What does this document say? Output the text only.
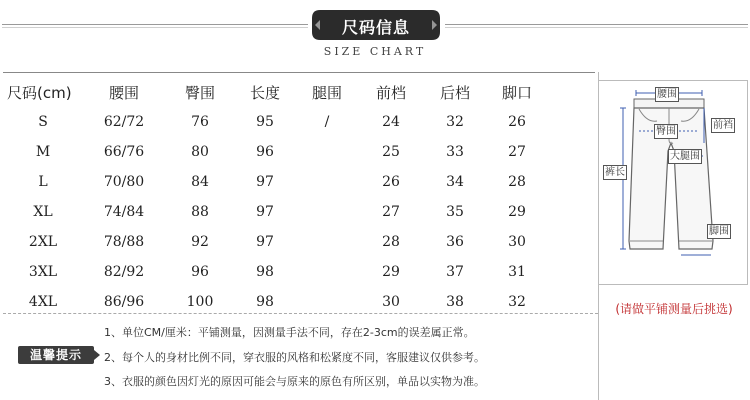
尺码信息
SIZE CHART
尺码(cm)	腰围	臀围	长度	腿围	前档	后档	脚口
S	62/72	76	95	/	24	32	26
M	66/76	80	96		25	33	27
L	70/80	84	97		26	34	28
XL	74/84	88	97		27	35	29
2XL	78/88	92	97		28	36	30
3XL	82/92	96	98		29	37	31
4XL	86/96	100	98		30	38	32
温馨提示
1、单位CM/厘米：平铺测量，因测量手法不同，存在2-3cm的误差属正常。
2、每个人的身材比例不同，穿衣服的风格和松紧度不同，客服建议仅供参考。
3、衣服的颜色因灯光的原因可能会与原来的原色有所区别，单品以实物为准。
腰围
臀围
前裆
大腿围
裤长
脚围
(请做平铺测量后挑选)
